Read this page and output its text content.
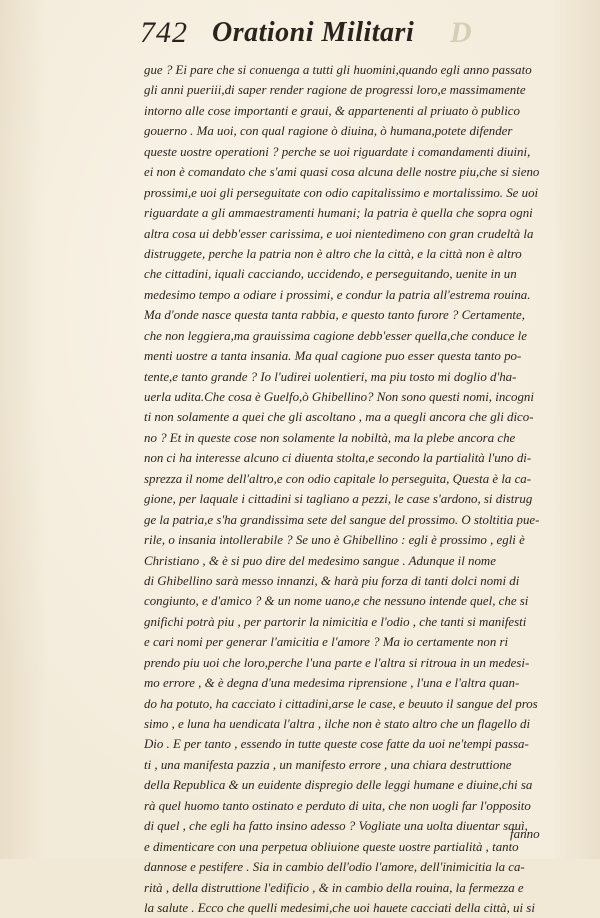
742 Orationi Militari D
gue ? Ei pare che si conuenga a tutti gli huomini,quando egli anno passato
gli anni pueriii,di saper render ragione de progressi loro,e massimamente
intorno alle cose importanti e graui, & appartenenti al priuato ò publico
gouerno . Ma uoi, con qual ragione ò diuina, ò humana,potete difender
queste uostre operationi ? perche se uoi riguardate i comandamenti diuini,
ei non è comandato che s'ami quasi cosa alcuna delle nostre piu,che si sieno
prossimi,e uoi gli perseguitate con odio capitalissimo e mortalissimo. Se uoi
riguardate a gli ammaestramenti humani; la patria è quella che sopra ogni
altra cosa ui debb'esser carissima, e uoi nientedimeno con gran crudeltà la
distruggete, perche la patria non è altro che la città, e la città non è altro
che cittadini, iquali cacciando, uccidendo, e perseguitando, uenite in un
medesimo tempo a odiare i prossimi, e condur la patria all'estrema rouina.
Ma d'onde nasce questa tanta rabbia, e questo tanto furore ? Certamente,
che non leggiera,ma grauissima cagione debb'esser quella,che conduce le
menti uostre a tanta insania. Ma qual cagione puo esser questa tanto po-
tente,e tanto grande ? Io l'udirei uolentieri, ma piu tosto mi doglio d'ha-
uerla udita.Che cosa è Guelfo,ò Ghibellino? Non sono questi nomi, incogni
ti non solamente a quei che gli ascoltano , ma a quegli ancora che gli dico-
no ? Et in queste cose non solamente la nobiltà, ma la plebe ancora che
non ci ha interesse alcuno ci diuenta stolta,e secondo la partialità l'uno di-
sprezza il nome dell'altro,e con odio capitale lo perseguita, Questa è la ca-
gione, per laquale i cittadini si tagliano a pezzi, le case s'ardono, si distrug
ge la patria,e s'ha grandissima sete del sangue del prossimo. O stoltitia pue-
rile, o insania intollerabile ? Se uno è Ghibellino : egli è prossimo , egli è
Christiano , & è si puo dire del medesimo sangue . Adunque il nome
di Ghibellino sarà messo innanzi, & harà piu forza di tanti dolci nomi di
congiunto, e d'amico ? & un nome uano,e che nessuno intende quel, che si
gnifichi potrà piu , per partorir la nimicitia e l'odio , che tanti si manifesti
e cari nomi per generar l'amicitia e l'amore ? Ma io certamente non ri
prendo piu uoi che loro,perche l'una parte e l'altra si ritroua in un medesi-
mo errore , & è degna d'una medesima riprensione , l'una e l'altra quan-
do ha potuto, ha cacciato i cittadini,arse le case, e beuuto il sangue del pros
simo , e luna ha uendicata l'altra , ilche non è stato altro che un flagello di
Dio . E per tanto , essendo in tutte queste cose fatte da uoi ne'tempi passa-
ti , una manifesta pazzia , un manifesto errore , una chiara destruttione
della Republica & un euidente dispregio delle leggi humane e diuine,chi sa
rà quel huomo tanto ostinato e perduto di uita, che non uogli far l'opposito
di quel , che egli ha fatto insino adesso ? Vogliate una uolta diuentar sauì,
e dimenticare con una perpetua obliuione queste uostre partialità , tanto
dannose e pestifere . Sia in cambio dell'odio l'amore, dell'inimicitia la ca-
rità , della distruttione l'edificio , & in cambio della rouina, la fermezza e
la salute . Ecco che quelli medesimi,che uoi hauete cacciati della città, ui si
fanno
